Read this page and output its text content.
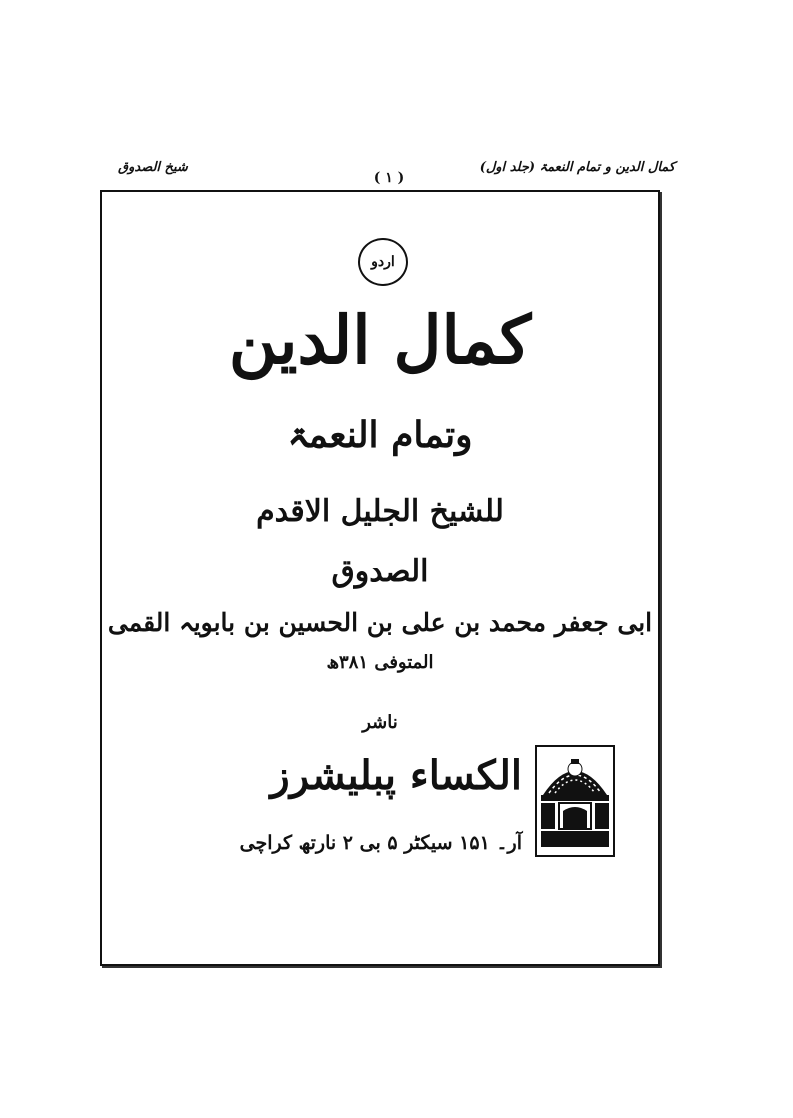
کمال الدین و تمام النعمۃ (جلد اول)
( ۱ )
شیخ الصدوق
اردو
کمال الدین
وتمام النعمۃ
للشیخ الجلیل الاقدم
الصدوق
ابی جعفر محمد بن علی بن الحسین بن بابویہ القمی
المتوفی ۳۸۱ھ
ناشر
الکساء پبلیشرز
آر۔ ۱۵۱ سیکٹر ۵ بی ۲ نارتھ کراچی
